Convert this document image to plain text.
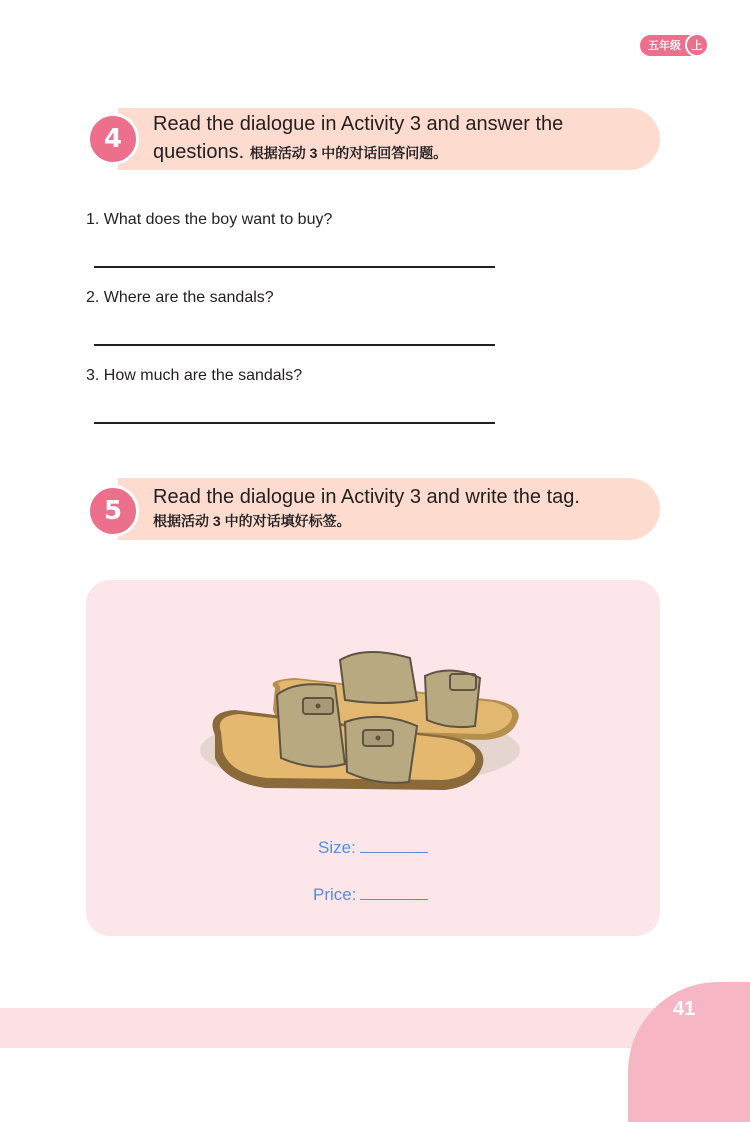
五年级 上
4	Read the dialogue in Activity 3 and answer the questions. 根据活动 3 中的对话回答问题。
1. What does the boy want to buy?
2. Where are the sandals?
3. How much are the sandals?
5	Read the dialogue in Activity 3 and write the tag.
根据活动 3 中的对话填好标签。
Size:
Price:
41
